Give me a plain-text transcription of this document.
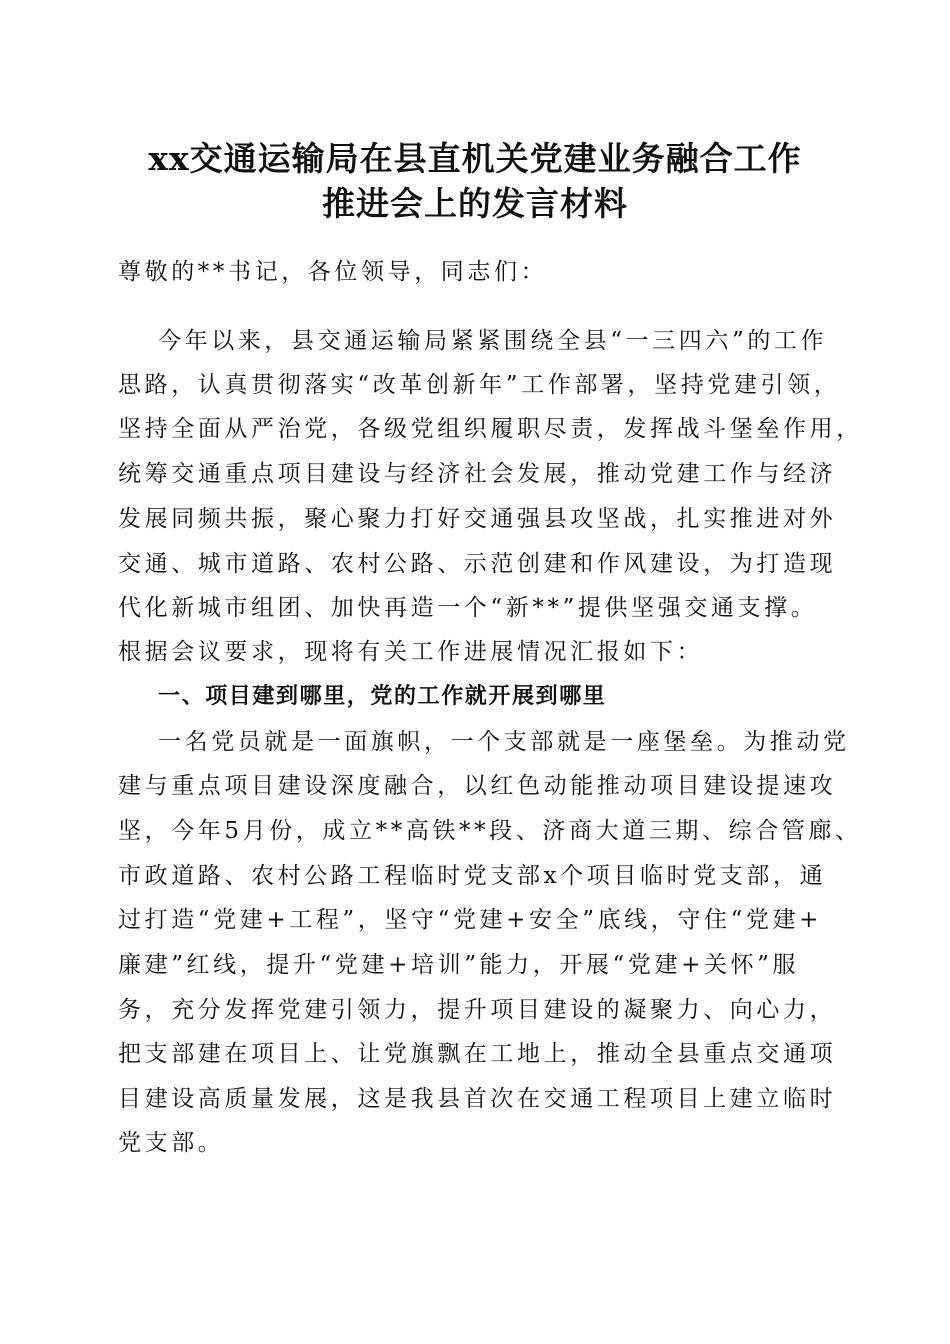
xx交通运输局在县直机关党建业务融合工作
推进会上的发言材料

尊敬的**书记，各位领导，同志们：

今年以来，县交通运输局紧紧围绕全县“一三四六”的工作

思路，认真贯彻落实“改革创新年”工作部署，坚持党建引领，

坚持全面从严治党，各级党组织履职尽责，发挥战斗堡垒作用，

统筹交通重点项目建设与经济社会发展，推动党建工作与经济

发展同频共振，聚心聚力打好交通强县攻坚战，扎实推进对外

交通、城市道路、农村公路、示范创建和作风建设，为打造现

代化新城市组团、加快再造一个“新**”提供坚强交通支撑。

根据会议要求，现将有关工作进展情况汇报如下：

一、项目建到哪里，党的工作就开展到哪里

一名党员就是一面旗帜，一个支部就是一座堡垒。为推动党

建与重点项目建设深度融合，以红色动能推动项目建设提速攻

坚，今年5月份，成立**高铁**段、济商大道三期、综合管廊、

市政道路、农村公路工程临时党支部x个项目临时党支部，通

过打造“党建+工程”，坚守“党建+安全”底线，守住“党建+

廉建”红线，提升“党建+培训”能力，开展“党建+关怀”服

务，充分发挥党建引领力，提升项目建设的凝聚力、向心力，

把支部建在项目上、让党旗飘在工地上，推动全县重点交通项

目建设高质量发展，这是我县首次在交通工程项目上建立临时

党支部。
